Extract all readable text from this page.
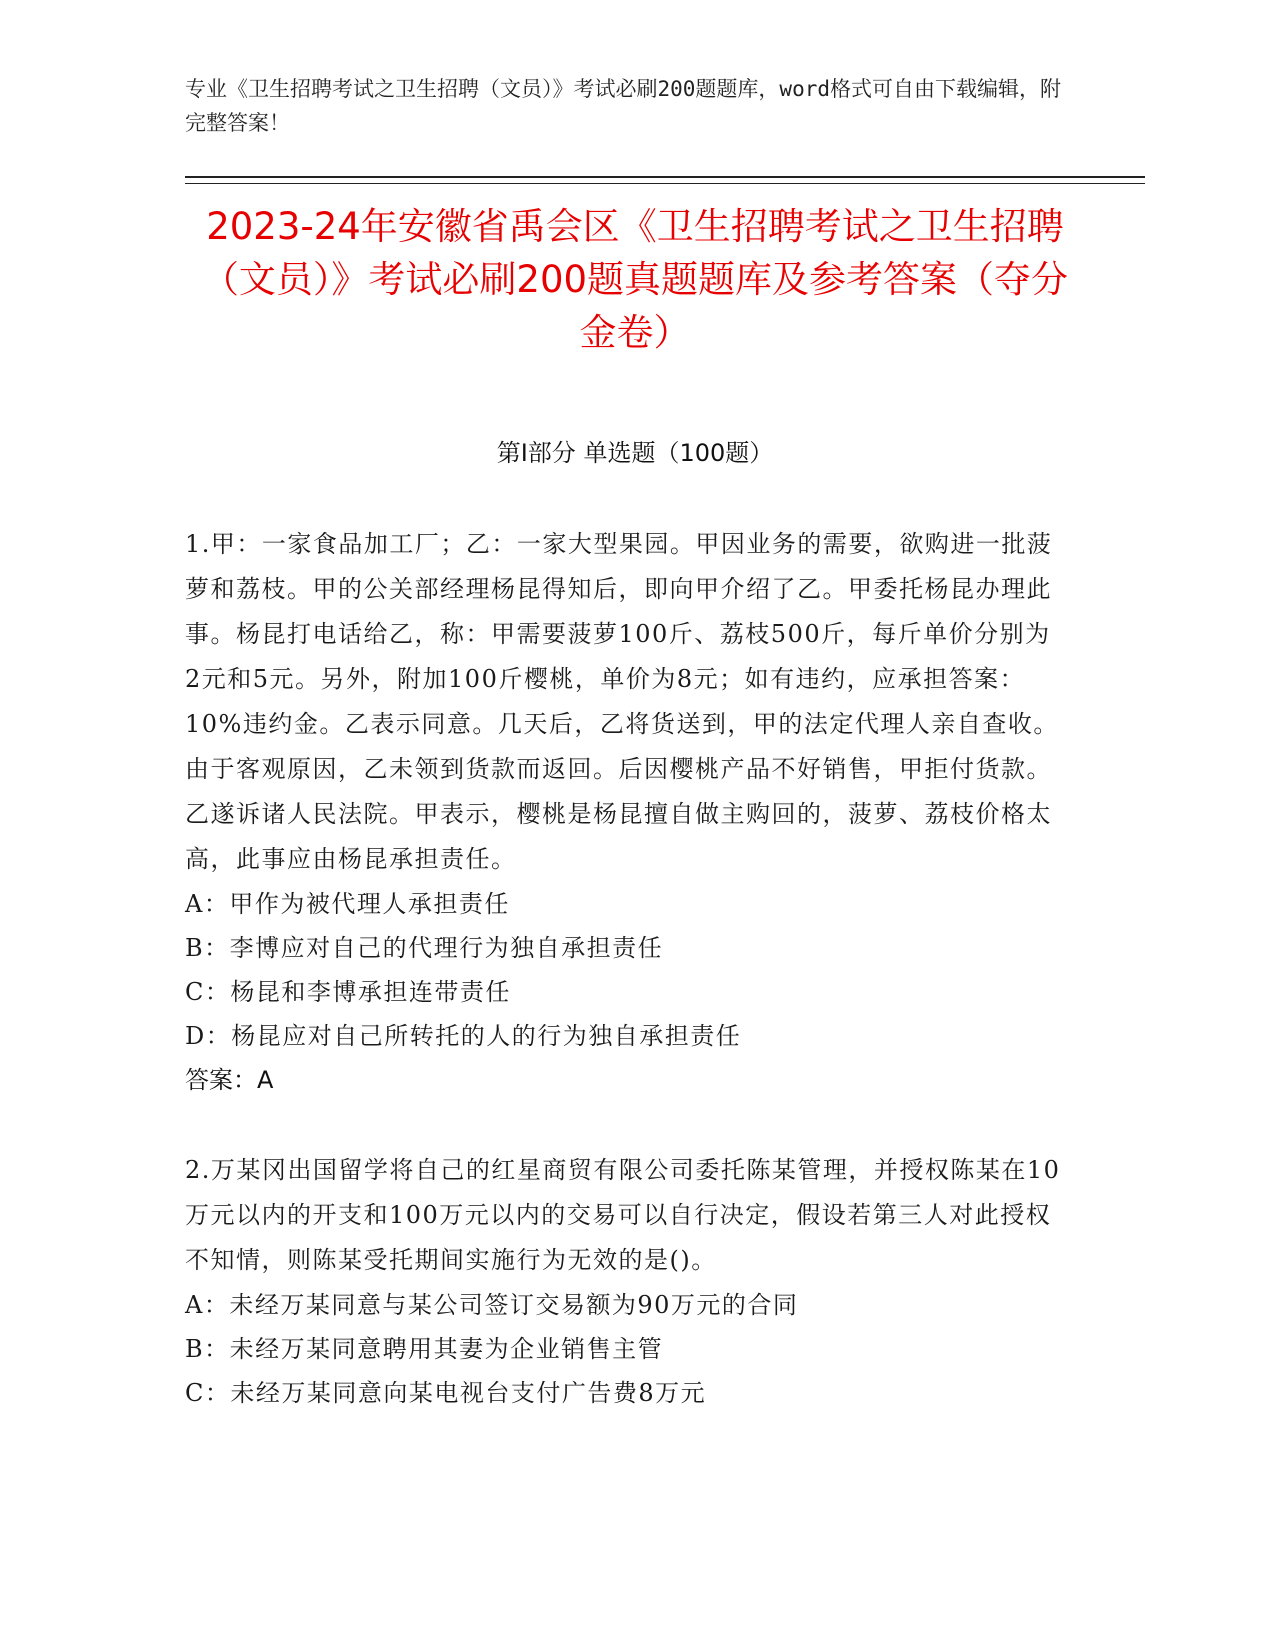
专业《卫生招聘考试之卫生招聘（文员）》考试必刷200题题库，word格式可自由下载编辑，附完整答案！
2023-24年安徽省禹会区《卫生招聘考试之卫生招聘（文员）》考试必刷200题真题题库及参考答案（夺分金卷）
第I部分 单选题（100题）
1.甲：一家食品加工厂；乙：一家大型果园。甲因业务的需要，欲购进一批菠萝和荔枝。甲的公关部经理杨昆得知后，即向甲介绍了乙。甲委托杨昆办理此事。杨昆打电话给乙，称：甲需要菠萝100斤、荔枝500斤，每斤单价分别为2元和5元。另外，附加100斤樱桃，单价为8元；如有违约，应承担答案：10%违约金。乙表示同意。几天后，乙将货送到，甲的法定代理人亲自查收。由于客观原因，乙未领到货款而返回。后因樱桃产品不好销售，甲拒付货款。乙遂诉诸人民法院。甲表示，樱桃是杨昆擅自做主购回的，菠萝、荔枝价格太高，此事应由杨昆承担责任。
A：甲作为被代理人承担责任
B：李博应对自己的代理行为独自承担责任
C：杨昆和李博承担连带责任
D：杨昆应对自己所转托的人的行为独自承担责任
答案：A
2.万某冈出国留学将自己的红星商贸有限公司委托陈某管理，并授权陈某在10万元以内的开支和100万元以内的交易可以自行决定，假设若第三人对此授权不知情，则陈某受托期间实施行为无效的是()。
A：未经万某同意与某公司签订交易额为90万元的合同
B：未经万某同意聘用其妻为企业销售主管
C：未经万某同意向某电视台支付广告费8万元
